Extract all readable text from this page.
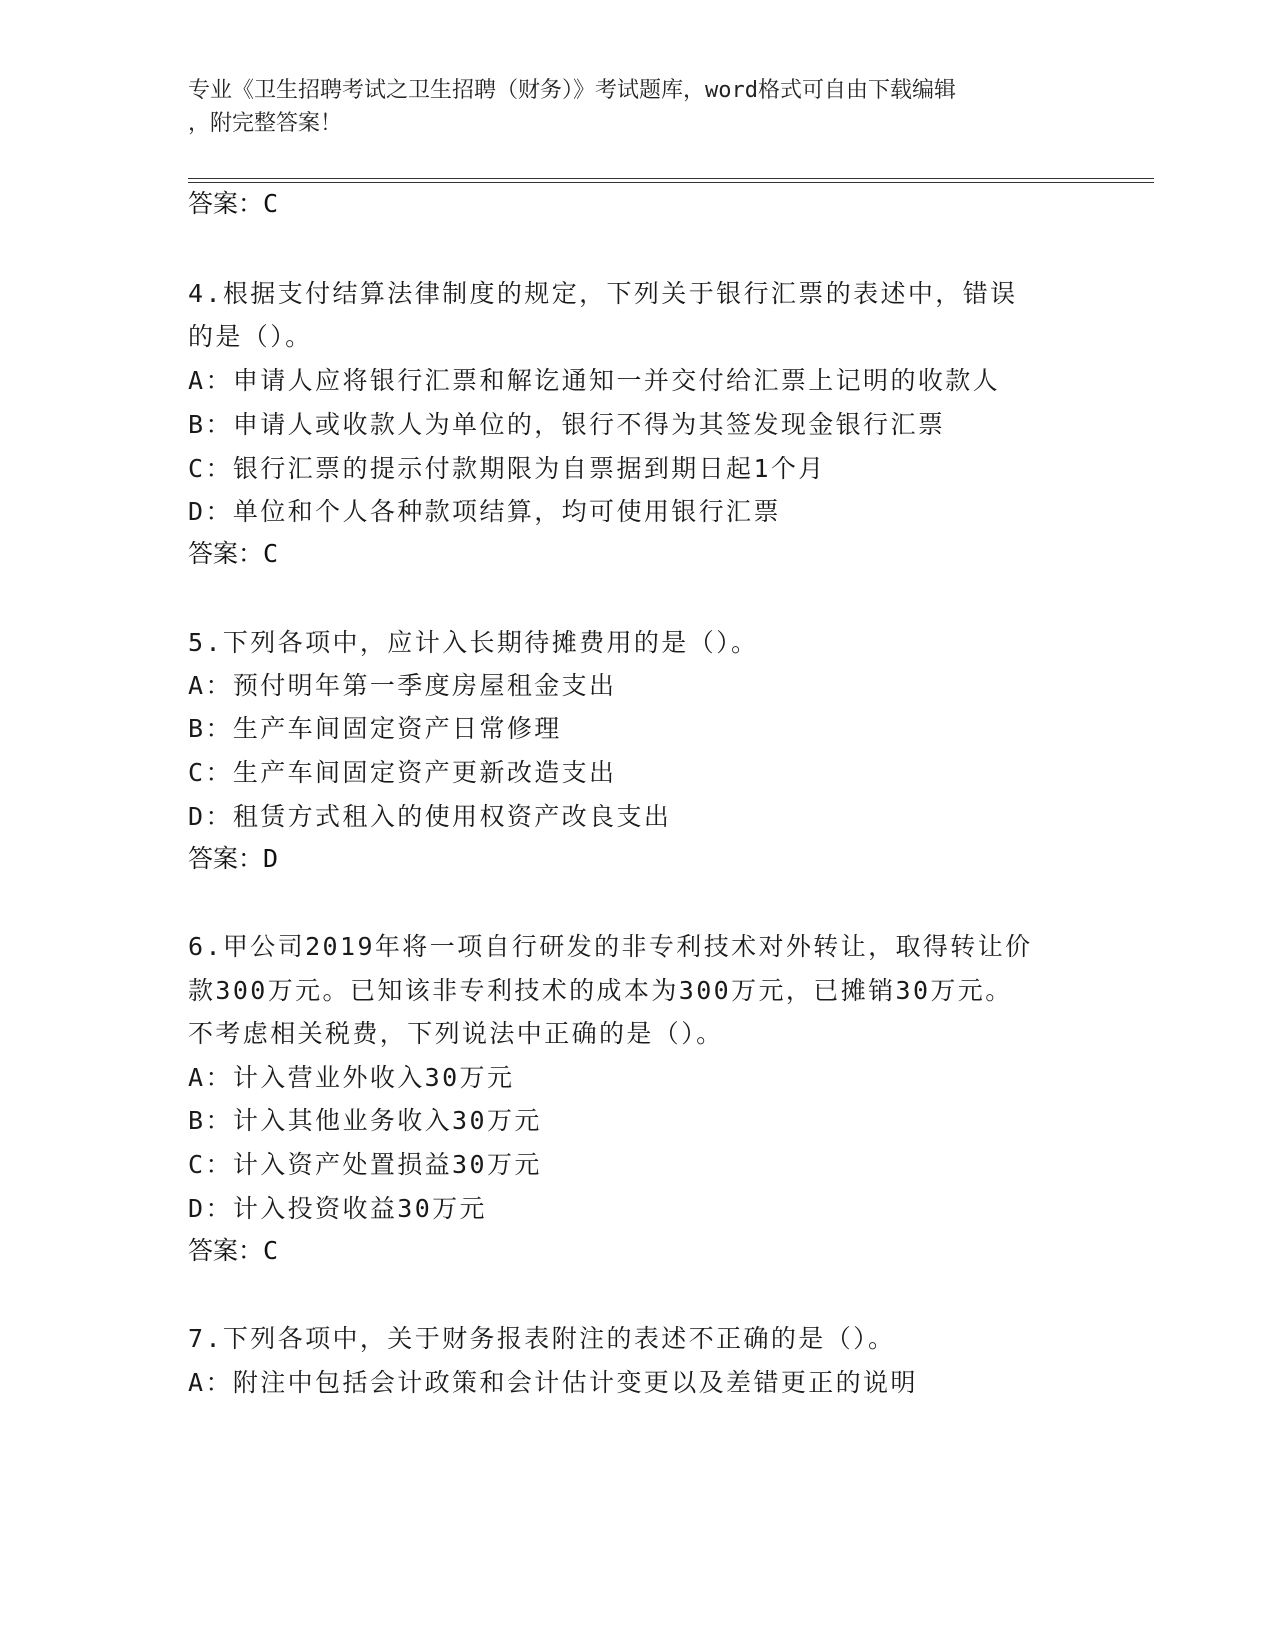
专业《卫生招聘考试之卫生招聘（财务）》考试题库，word格式可自由下载编辑
，附完整答案！
答案：C
4.根据支付结算法律制度的规定，下列关于银行汇票的表述中，错误
的是（）。
A：申请人应将银行汇票和解讫通知一并交付给汇票上记明的收款人
B：申请人或收款人为单位的，银行不得为其签发现金银行汇票
C：银行汇票的提示付款期限为自票据到期日起1个月
D：单位和个人各种款项结算，均可使用银行汇票
答案：C
5.下列各项中，应计入长期待摊费用的是（）。
A：预付明年第一季度房屋租金支出
B：生产车间固定资产日常修理
C：生产车间固定资产更新改造支出
D：租赁方式租入的使用权资产改良支出
答案：D
6.甲公司2019年将一项自行研发的非专利技术对外转让，取得转让价
款300万元。已知该非专利技术的成本为300万元，已摊销30万元。
不考虑相关税费，下列说法中正确的是（）。
A：计入营业外收入30万元
B：计入其他业务收入30万元
C：计入资产处置损益30万元
D：计入投资收益30万元
答案：C
7.下列各项中，关于财务报表附注的表述不正确的是（）。
A：附注中包括会计政策和会计估计变更以及差错更正的说明
